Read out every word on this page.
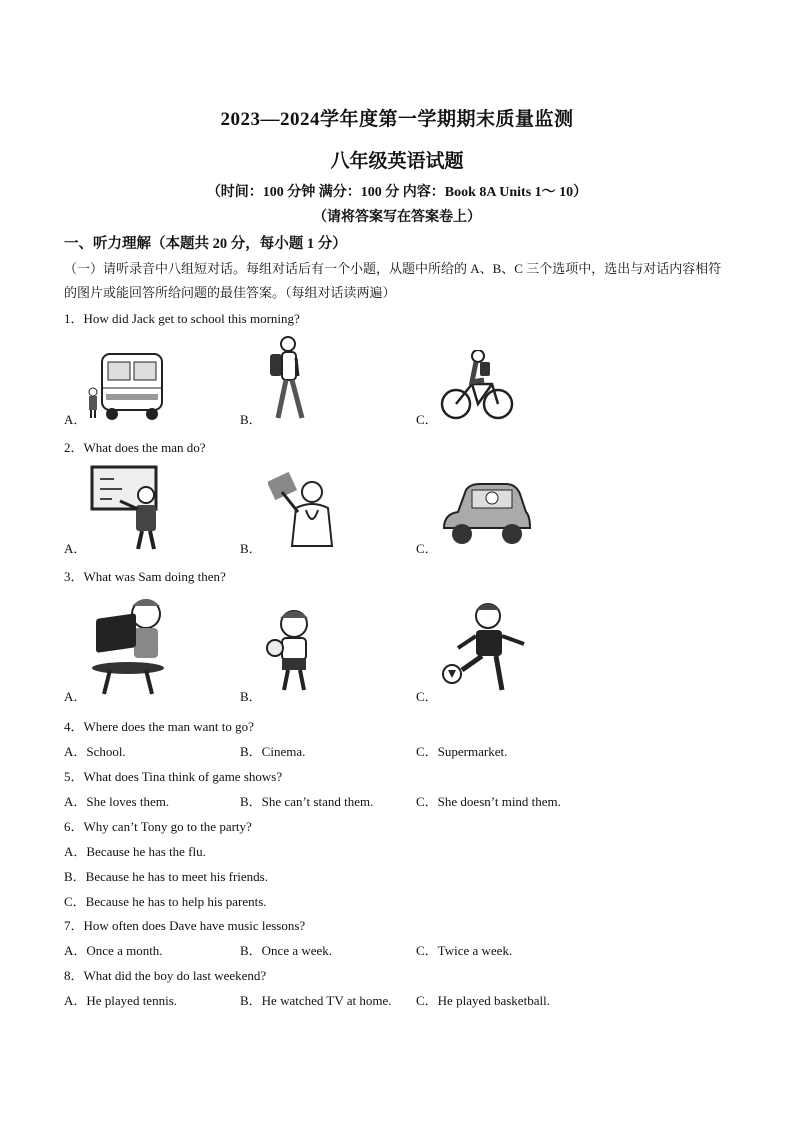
2023—2024学年度第一学期期末质量监测
八年级英语试题
（时间：100 分钟 满分：100 分 内容：Book 8A Units 1～ 10）
（请将答案写在答案卷上）
一、听力理解（本题共 20 分，每小题 1 分）
（一）请听录音中八组短对话。每组对话后有一个小题，从题中所给的 A、B、C 三个选项中，选出与对话内容相符的图片或能回答所给问题的最佳答案。（每组对话读两遍）
1．How did Jack get to school this morning?
A．	B．	C．
2．What does the man do?
A．	B．	C．
3．What was Sam doing then?
A．	B．	C．
4．Where does the man want to go?
A．School.	B．Cinema.	C．Supermarket.
5．What does Tina think of game shows?
A．She loves them.	B．She can’t stand them.	C．She doesn’t mind them.
6．Why can’t Tony go to the party?
A．Because he has the flu.
B．Because he has to meet his friends.
C．Because he has to help his parents.
7．How often does Dave have music lessons?
A．Once a month.	B．Once a week.	C．Twice a week.
8．What did the boy do last weekend?
A．He played tennis.	B．He watched TV at home. C．He played basketball.
